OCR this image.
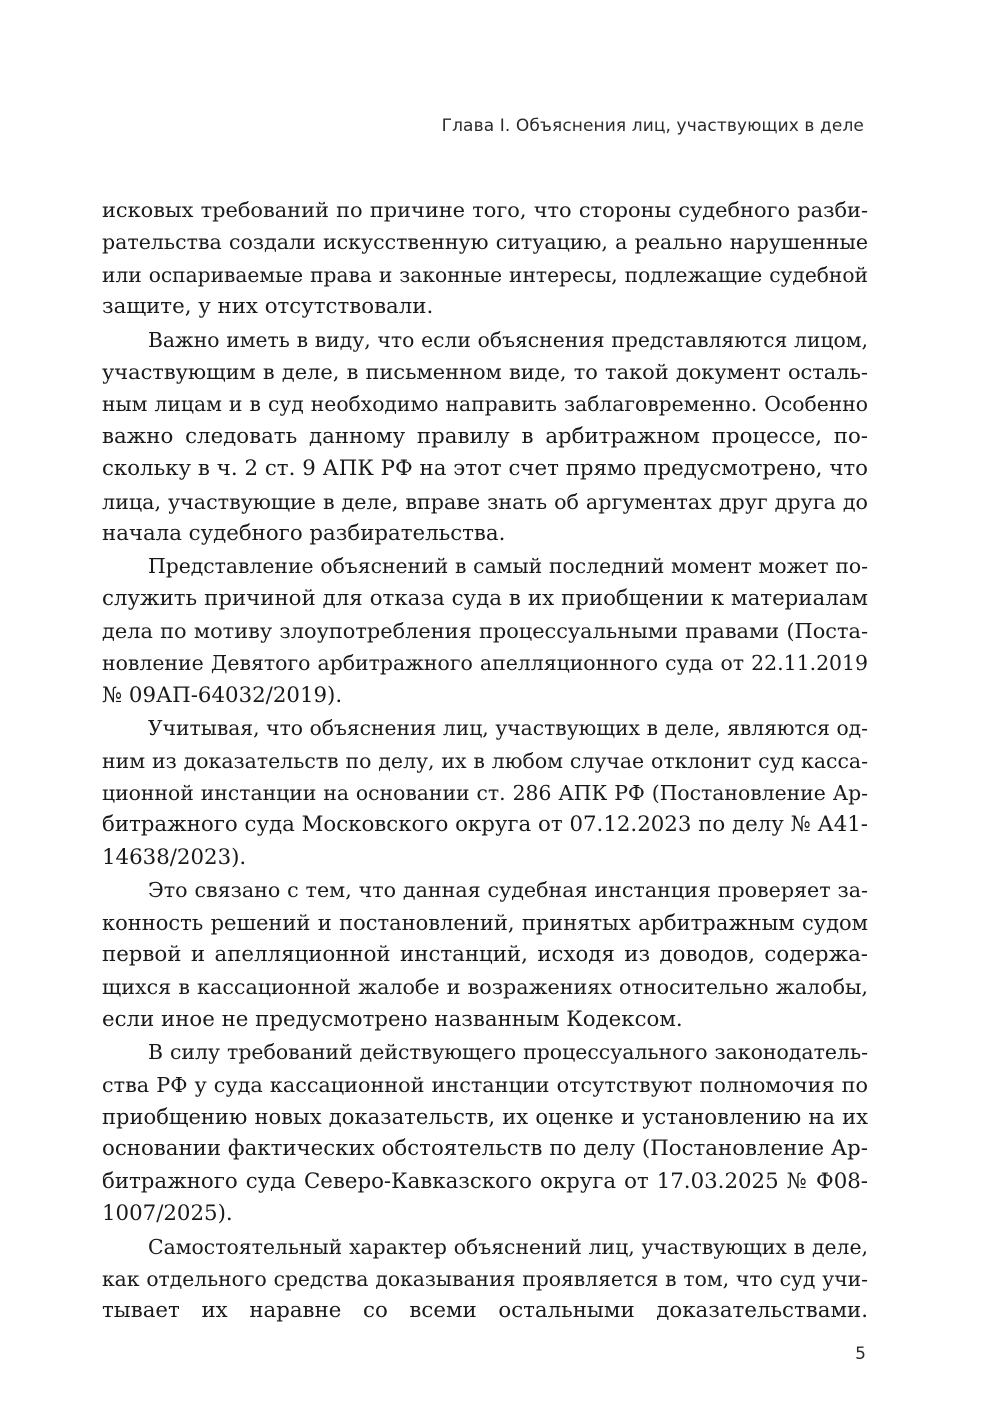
Глава I. Объяснения лиц, участвующих в деле
исковых требований по причине того, что стороны судебного разби-
рательства создали искусственную ситуацию, а реально нарушенные
или оспариваемые права и законные интересы, подлежащие судебной
защите, у них отсутствовали.
Важно иметь в виду, что если объяснения представляются лицом,
участвующим в деле, в письменном виде, то такой документ осталь-
ным лицам и в суд необходимо направить заблаговременно. Особенно
важно следовать данному правилу в арбитражном процессе, по-
скольку в ч. 2 ст. 9 АПК РФ на этот счет прямо предусмотрено, что
лица, участвующие в деле, вправе знать об аргументах друг друга до
начала судебного разбирательства.
Представление объяснений в самый последний момент может по-
служить причиной для отказа суда в их приобщении к материалам
дела по мотиву злоупотребления процессуальными правами (Поста-
новление Девятого арбитражного апелляционного суда от 22.11.2019
№ 09АП-64032/2019).
Учитывая, что объяснения лиц, участвующих в деле, являются од-
ним из доказательств по делу, их в любом случае отклонит суд касса-
ционной инстанции на основании ст. 286 АПК РФ (Постановление Ар-
битражного суда Московского округа от 07.12.2023 по делу № А41-
14638/2023).
Это связано с тем, что данная судебная инстанция проверяет за-
конность решений и постановлений, принятых арбитражным судом
первой и апелляционной инстанций, исходя из доводов, содержа-
щихся в кассационной жалобе и возражениях относительно жалобы,
если иное не предусмотрено названным Кодексом.
В силу требований действующего процессуального законодатель-
ства РФ у суда кассационной инстанции отсутствуют полномочия по
приобщению новых доказательств, их оценке и установлению на их
основании фактических обстоятельств по делу (Постановление Ар-
битражного суда Северо-Кавказского округа от 17.03.2025 № Ф08-
1007/2025).
Самостоятельный характер объяснений лиц, участвующих в деле,
как отдельного средства доказывания проявляется в том, что суд учи-
тывает их наравне со всеми остальными доказательствами.
5
